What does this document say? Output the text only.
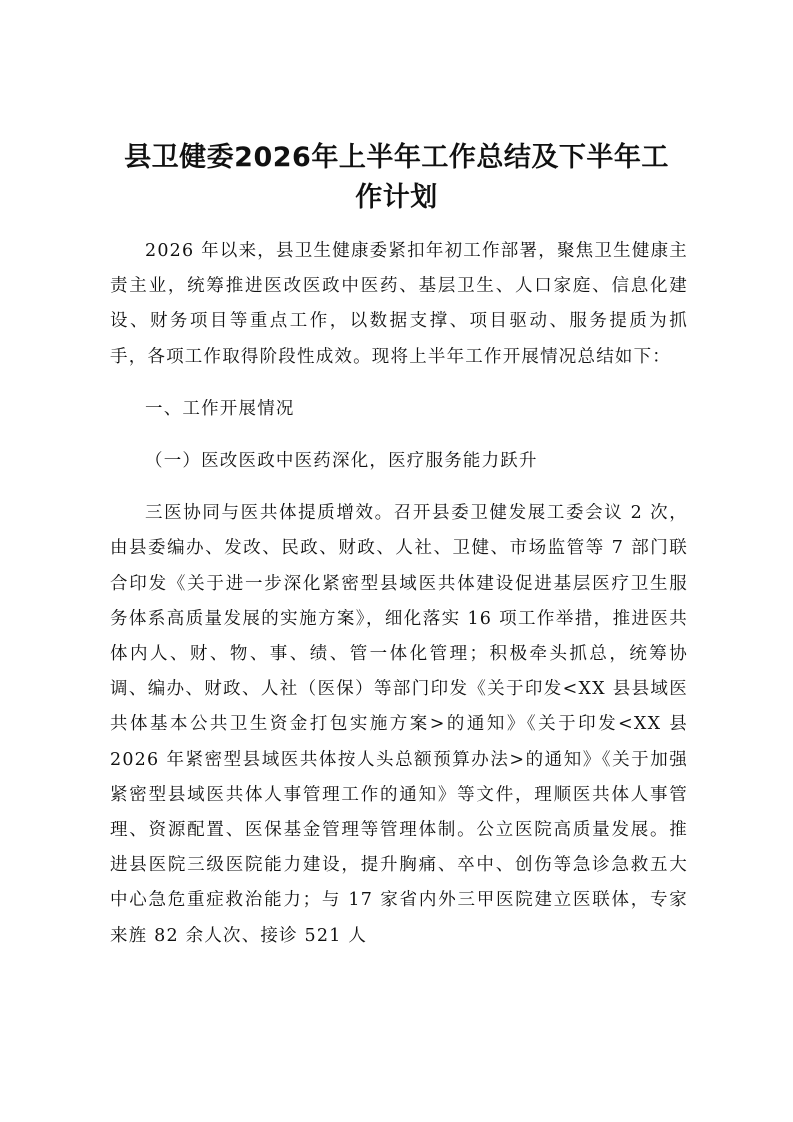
县卫健委2026年上半年工作总结及下半年工
作计划

2026 年以来，县卫生健康委紧扣年初工作部署，聚焦卫生健康主责主业，统筹推进医改医政中医药、基层卫生、人口家庭、信息化建设、财务项目等重点工作，以数据支撑、项目驱动、服务提质为抓手，各项工作取得阶段性成效。现将上半年工作开展情况总结如下：

一、工作开展情况

（一）医改医政中医药深化，医疗服务能力跃升

三医协同与医共体提质增效。召开县委卫健发展工委会议 2 次，由县委编办、发改、民政、财政、人社、卫健、市场监管等 7 部门联合印发《关于进一步深化紧密型县域医共体建设促进基层医疗卫生服务体系高质量发展的实施方案》，细化落实 16 项工作举措，推进医共体内人、财、物、事、绩、管一体化管理；积极牵头抓总，统筹协调、编办、财政、人社（医保）等部门印发《关于印发<XX 县县域医共体基本公共卫生资金打包实施方案>的通知》《关于印发<XX 县 2026 年紧密型县域医共体按人头总额预算办法>的通知》《关于加强紧密型县域医共体人事管理工作的通知》等文件，理顺医共体人事管理、资源配置、医保基金管理等管理体制。公立医院高质量发展。推进县医院三级医院能力建设，提升胸痛、卒中、创伤等急诊急救五大中心急危重症救治能力；与 17 家省内外三甲医院建立医联体，专家来旌 82 余人次、接诊 521 人
